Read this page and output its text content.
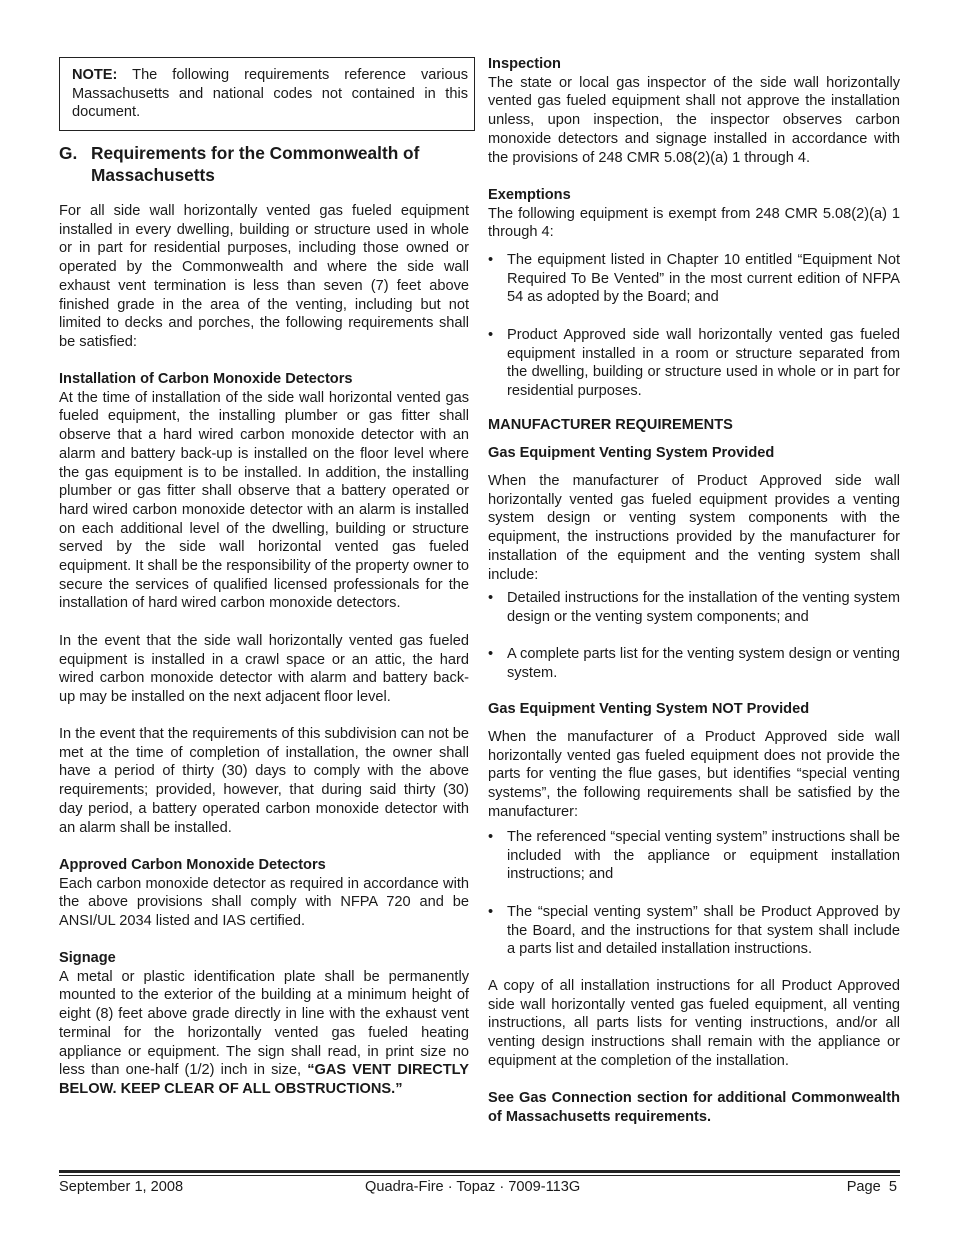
NOTE: The following requirements reference various Massachusetts and national codes not contained in this document.

G. Requirements for the Commonwealth of
Massachusetts

For all side wall horizontally vented gas fueled equipment installed in every dwelling, building or structure used in whole or in part for residential purposes, including those owned or operated by the Commonwealth and where the side wall exhaust vent termination is less than seven (7) feet above finished grade in the area of the venting, including but not limited to decks and porches, the following requirements shall be satisfied:

Installation of Carbon Monoxide Detectors

At the time of installation of the side wall horizontal vented gas fueled equipment, the installing plumber or gas fitter shall observe that a hard wired carbon monoxide detector with an alarm and battery back-up is installed on the floor level where the gas equipment is to be installed. In addition, the installing plumber or gas fitter shall observe that a battery operated or hard wired carbon monoxide detector with an alarm is installed on each additional level of the dwelling, building or structure served by the side wall horizontal vented gas fueled equipment. It shall be the responsibility of the property owner to secure the services of qualified licensed professionals for the installation of hard wired carbon monoxide detectors.

In the event that the side wall horizontally vented gas fueled equipment is installed in a crawl space or an attic, the hard wired carbon monoxide detector with alarm and battery back-up may be installed on the next adjacent floor level.

In the event that the requirements of this subdivision can not be met at the time of completion of installation, the owner shall have a period of thirty (30) days to comply with the above requirements; provided, however, that during said thirty (30) day period, a battery operated carbon monoxide detector with an alarm shall be installed.

Approved Carbon Monoxide Detectors

Each carbon monoxide detector as required in accordance with the above provisions shall comply with NFPA 720 and be ANSI/UL 2034 listed and IAS certified.

Signage

A metal or plastic identification plate shall be permanently mounted to the exterior of the building at a minimum height of eight (8) feet above grade directly in line with the exhaust vent terminal for the horizontally vented gas fueled heating appliance or equipment. The sign shall read, in print size no less than one-half (1/2) inch in size, “GAS VENT DIRECTLY BELOW. KEEP CLEAR OF ALL OBSTRUCTIONS.”

Inspection

The state or local gas inspector of the side wall horizontally vented gas fueled equipment shall not approve the installation unless, upon inspection, the inspector observes carbon monoxide detectors and signage installed in accordance with the provisions of 248 CMR 5.08(2)(a) 1 through 4.

Exemptions

The following equipment is exempt from 248 CMR 5.08(2)(a) 1 through 4:

• The equipment listed in Chapter 10 entitled “Equipment Not Required To Be Vented” in the most current edition of NFPA 54 as adopted by the Board; and
• Product Approved side wall horizontally vented gas fueled equipment installed in a room or structure separated from the dwelling, building or structure used in whole or in part for residential purposes.
MANUFACTURER REQUIREMENTS
Gas Equipment Venting System Provided

When the manufacturer of Product Approved side wall horizontally vented gas fueled equipment provides a venting system design or venting system components with the equipment, the instructions provided by the manufacturer for installation of the equipment and the venting system shall include:

• Detailed instructions for the installation of the venting system design or the venting system components; and
• A complete parts list for the venting system design or venting system.
Gas Equipment Venting System NOT Provided

When the manufacturer of a Product Approved side wall horizontally vented gas fueled equipment does not provide the parts for venting the flue gases, but identifies “special venting systems”, the following requirements shall be satisfied by the manufacturer:

• The referenced “special venting system” instructions shall be included with the appliance or equipment installation instructions; and
• The “special venting system” shall be Product Approved by the Board, and the instructions for that system shall include a parts list and detailed installation instructions.

A copy of all installation instructions for all Product Approved side wall horizontally vented gas fueled equipment, all venting instructions, all parts lists for venting instructions, and/or all venting design instructions shall remain with the appliance or equipment at the completion of the installation.

See Gas Connection section for additional Commonwealth of Massachusetts requirements.

September 1, 2008	Quadra-Fire · Topaz · 7009-113G	Page  5
